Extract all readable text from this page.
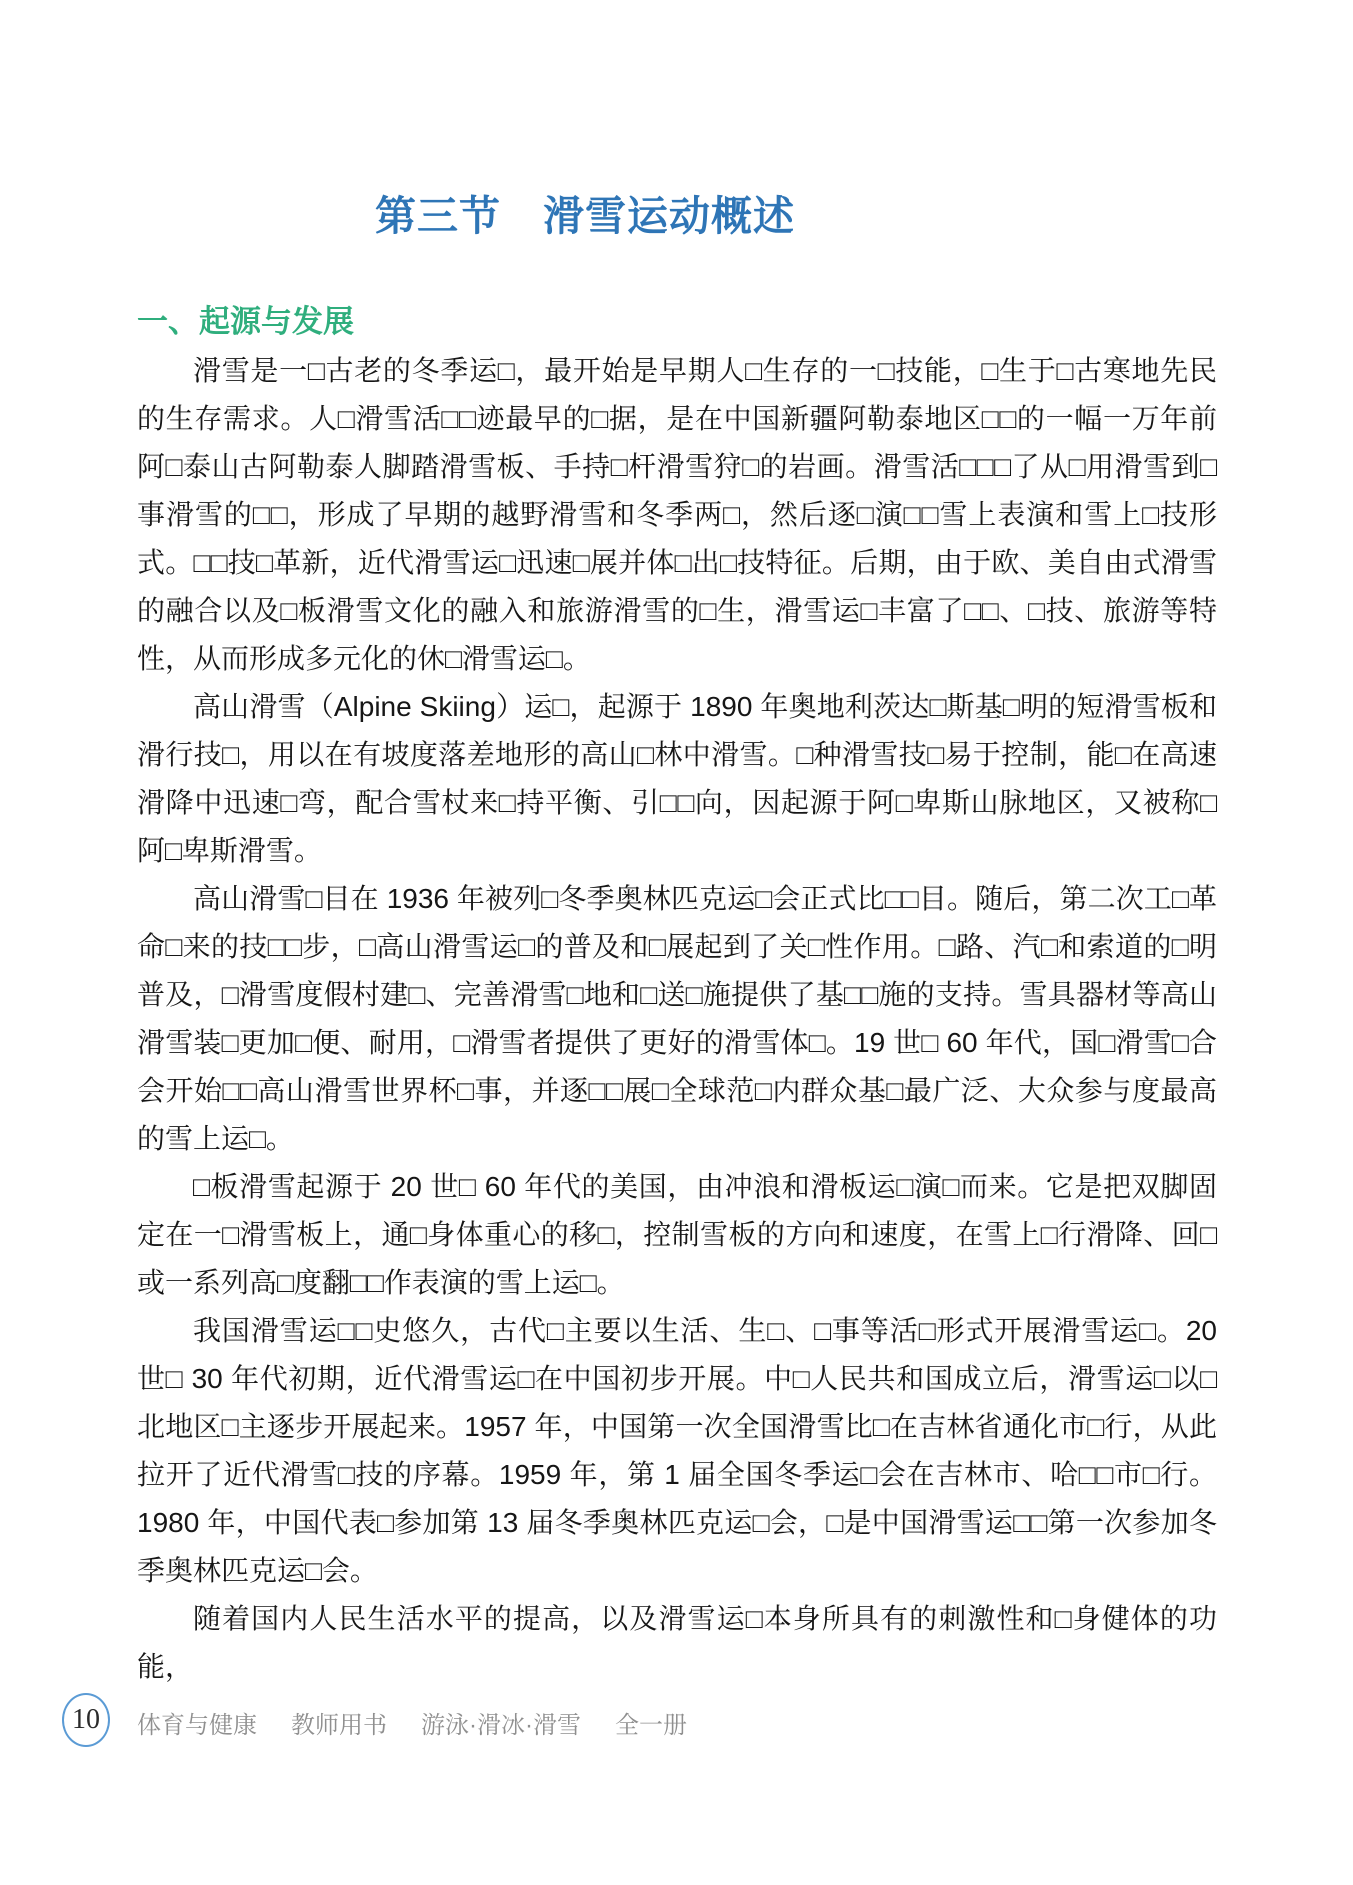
第三节　滑雪运动概述
一、起源与发展

滑雪是一□古老的冬季运□，最开始是早期人□生存的一□技能，□生于□古寒地先民的生存需求。人□滑雪活□□迹最早的□据，是在中国新疆阿勒泰地区□□的一幅一万年前阿□泰山古阿勒泰人脚踏滑雪板、手持□杆滑雪狩□的岩画。滑雪活□□□了从□用滑雪到□事滑雪的□□，形成了早期的越野滑雪和冬季两□，然后逐□演□□雪上表演和雪上□技形式。□□技□革新，近代滑雪运□迅速□展并体□出□技特征。后期，由于欧、美自由式滑雪的融合以及□板滑雪文化的融入和旅游滑雪的□生，滑雪运□丰富了□□、□技、旅游等特性，从而形成多元化的休□滑雪运□。

高山滑雪（Alpine Skiing）运□，起源于 1890 年奥地利茨达□斯基□明的短滑雪板和滑行技□，用以在有坡度落差地形的高山□林中滑雪。□种滑雪技□易于控制，能□在高速滑降中迅速□弯，配合雪杖来□持平衡、引□□向，因起源于阿□卑斯山脉地区，又被称□阿□卑斯滑雪。

高山滑雪□目在 1936 年被列□冬季奥林匹克运□会正式比□□目。随后，第二次工□革命□来的技□□步，□高山滑雪运□的普及和□展起到了关□性作用。□路、汽□和索道的□明普及，□滑雪度假村建□、完善滑雪□地和□送□施提供了基□□施的支持。雪具器材等高山滑雪装□更加□便、耐用，□滑雪者提供了更好的滑雪体□。19 世□ 60 年代，国□滑雪□合会开始□□高山滑雪世界杯□事，并逐□□展□全球范□内群众基□最广泛、大众参与度最高的雪上运□。

□板滑雪起源于 20 世□ 60 年代的美国，由冲浪和滑板运□演□而来。它是把双脚固定在一□滑雪板上，通□身体重心的移□，控制雪板的方向和速度，在雪上□行滑降、回□或一系列高□度翻□□作表演的雪上运□。

我国滑雪运□□史悠久，古代□主要以生活、生□、□事等活□形式开展滑雪运□。20 世□ 30 年代初期，近代滑雪运□在中国初步开展。中□人民共和国成立后，滑雪运□以□北地区□主逐步开展起来。1957 年，中国第一次全国滑雪比□在吉林省通化市□行，从此拉开了近代滑雪□技的序幕。1959 年，第 1 届全国冬季运□会在吉林市、哈□□市□行。1980 年，中国代表□参加第 13 届冬季奥林匹克运□会，□是中国滑雪运□□第一次参加冬季奥林匹克运□会。

随着国内人民生活水平的提高，以及滑雪运□本身所具有的刺激性和□身健体的功能，

10 体育与健康 教师用书 游泳·滑冰·滑雪 全一册
